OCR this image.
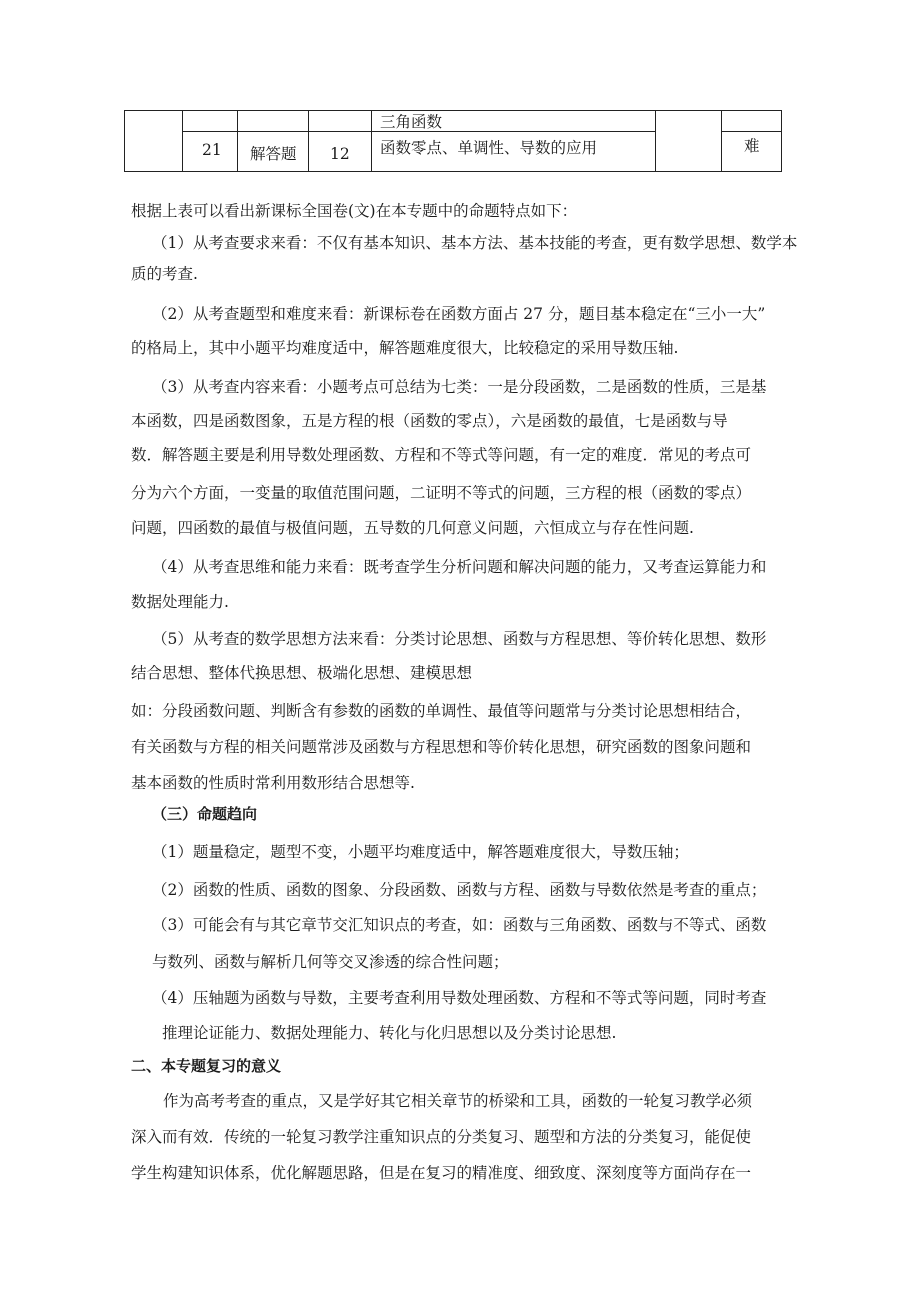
三角函数
21 解答题 12 函数零点、单调性、导数的应用	难
根据上表可以看出新课标全国卷(文)在本专题中的命题特点如下：
（1）从考查要求来看：不仅有基本知识、基本方法、基本技能的考查，更有数学思想、数学本
质的考查.
（2）从考查题型和难度来看：新课标卷在函数方面占 27 分，题目基本稳定在“三小一大”
的格局上，其中小题平均难度适中，解答题难度很大，比较稳定的采用导数压轴.
（3）从考查内容来看：小题考点可总结为七类：一是分段函数，二是函数的性质，三是基
本函数，四是函数图象，五是方程的根（函数的零点），六是函数的最值，七是函数与导
数．解答题主要是利用导数处理函数、方程和不等式等问题，有一定的难度．常见的考点可
分为六个方面，一变量的取值范围问题，二证明不等式的问题，三方程的根（函数的零点）
问题，四函数的最值与极值问题，五导数的几何意义问题，六恒成立与存在性问题.
（4）从考查思维和能力来看：既考查学生分析问题和解决问题的能力，又考查运算能力和
数据处理能力.
（5）从考查的数学思想方法来看：分类讨论思想、函数与方程思想、等价转化思想、数形
结合思想、整体代换思想、极端化思想、建模思想
如：分段函数问题、判断含有参数的函数的单调性、最值等问题常与分类讨论思想相结合，
有关函数与方程的相关问题常涉及函数与方程思想和等价转化思想，研究函数的图象问题和
基本函数的性质时常利用数形结合思想等.
（三）命题趋向
（1）题量稳定，题型不变，小题平均难度适中，解答题难度很大，导数压轴；
（2）函数的性质、函数的图象、分段函数、函数与方程、函数与导数依然是考查的重点；
（3）可能会有与其它章节交汇知识点的考查，如：函数与三角函数、函数与不等式、函数
与数列、函数与解析几何等交叉渗透的综合性问题；
（4）压轴题为函数与导数，主要考查利用导数处理函数、方程和不等式等问题，同时考查
推理论证能力、数据处理能力、转化与化归思想以及分类讨论思想.
二、本专题复习的意义
作为高考考查的重点，又是学好其它相关章节的桥梁和工具，函数的一轮复习教学必须
深入而有效．传统的一轮复习教学注重知识点的分类复习、题型和方法的分类复习，能促使
学生构建知识体系，优化解题思路，但是在复习的精准度、细致度、深刻度等方面尚存在一
